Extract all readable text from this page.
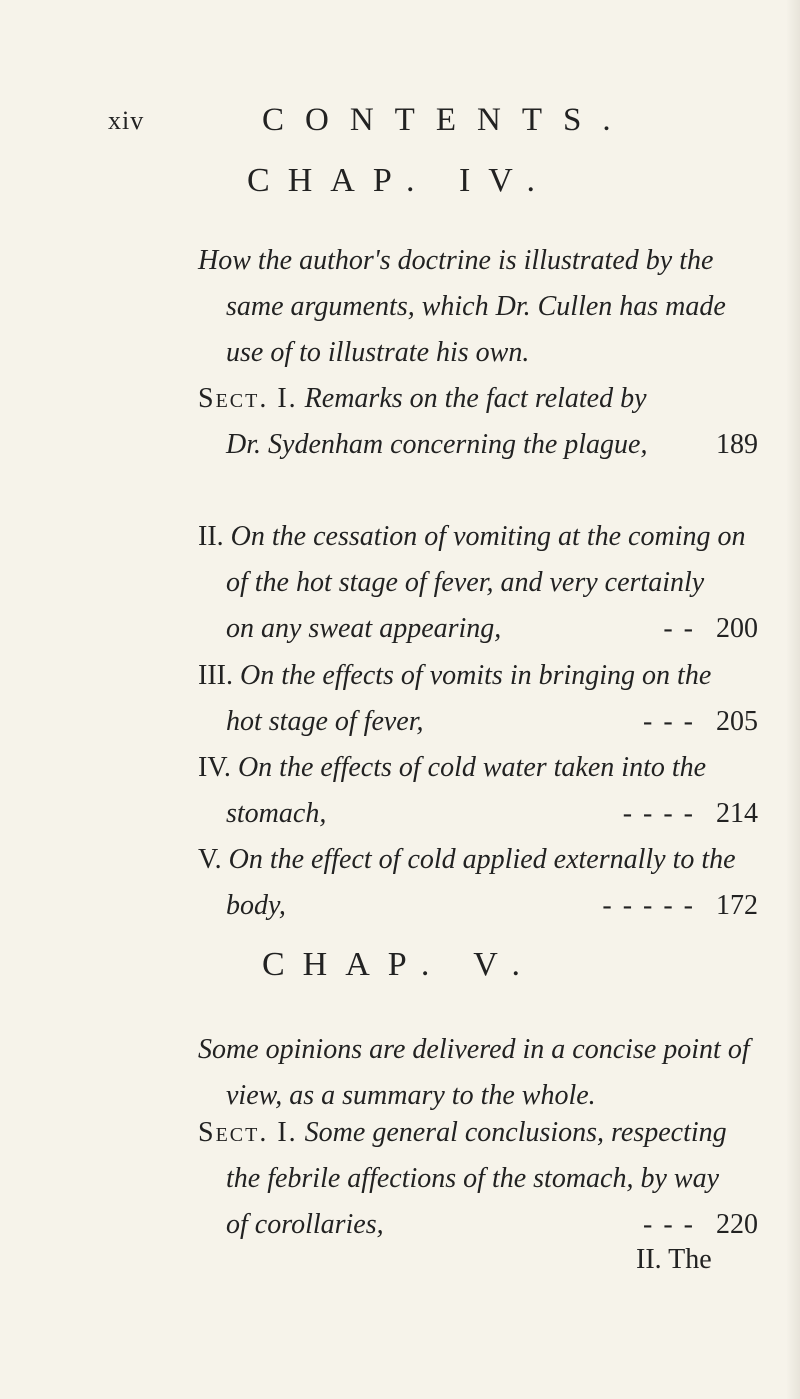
xiv	CONTENTS.
CHAP. IV.
How the author's doctrine is illustrated by the
same arguments, which Dr. Cullen has made
use of to illustrate his own.
Sect. I. Remarks on the fact related by
Dr. Sydenham concerning the plague, 189
II. On the cessation of vomiting at the coming on
of the hot stage of fever, and very certainly
on any sweat appearing,	- - 200
III. On the effects of vomits in bringing on the
hot stage of fever,	- - - 205
IV. On the effects of cold water taken into the
stomach,	- - - - 214
V. On the effect of cold applied externally to the
body,	- - - - - 172
CHAP. V.
Some opinions are delivered in a concise point of
view, as a summary to the whole.
Sect. I. Some general conclusions, respecting
the febrile affections of the stomach, by way
of corollaries,	- - - 220
II. The
